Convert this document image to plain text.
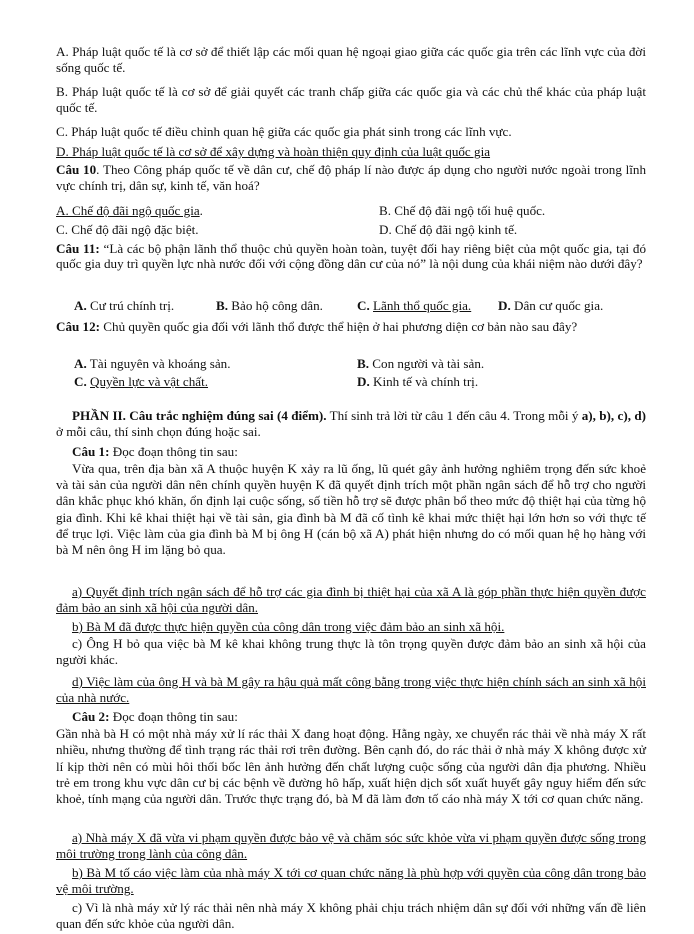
A. Pháp luật quốc tế là cơ sở để thiết lập các mối quan hệ ngoại giao giữa các quốc gia trên các lĩnh vực của đời sống quốc tế.
B. Pháp luật quốc tế là cơ sở để giải quyết các tranh chấp giữa các quốc gia và các chủ thể khác của pháp luật quốc tế.
C. Pháp luật quốc tế điều chỉnh quan hệ giữa các quốc gia phát sinh trong các lĩnh vực.
D. Pháp luật quốc tế là cơ sở để xây dựng và hoàn thiện quy định của luật quốc gia
Câu 10. Theo Công pháp quốc tế về dân cư, chế độ pháp lí nào được áp dụng cho người nước ngoài trong lĩnh vực chính trị, dân sự, kinh tế, văn hoá?
A. Chế độ đãi ngộ quốc gia.	B. Chế độ đãi ngộ tối huệ quốc.
C. Chế độ đãi ngộ đặc biệt.	D. Chế độ đãi ngộ kinh tế.
Câu 11: “Là các bộ phận lãnh thổ thuộc chủ quyền hoàn toàn, tuyệt đối hay riêng biệt của một quốc gia, tại đó quốc gia duy trì quyền lực nhà nước đối với cộng đồng dân cư của nó” là nội dung của khái niệm nào dưới đây?
A. Cư trú chính trị.	B. Bảo hộ công dân.	C. Lãnh thổ quốc gia. D. Dân cư quốc gia.
Câu 12: Chủ quyền quốc gia đối với lãnh thổ được thể hiện ở hai phương diện cơ bản nào sau đây?
A. Tài nguyên và khoáng sản.	B. Con người và tài sản.
C. Quyền lực và vật chất.	D. Kinh tế và chính trị.
PHẦN II. Câu trắc nghiệm đúng sai (4 điểm). Thí sinh trả lời từ câu 1 đến câu 4. Trong mỗi ý a), b), c), d) ở mỗi câu, thí sinh chọn đúng hoặc sai.
Câu 1: Đọc đoạn thông tin sau:
Vừa qua, trên địa bàn xã A thuộc huyện K xảy ra lũ ống, lũ quét gây ảnh hưởng nghiêm trọng đến sức khoẻ và tài sản của người dân nên chính quyền huyện K đã quyết định trích một phần ngân sách để hỗ trợ cho người dân khắc phục khó khăn, ổn định lại cuộc sống, số tiền hỗ trợ sẽ được phân bổ theo mức độ thiệt hại của từng hộ gia đình. Khi kê khai thiệt hại về tài sản, gia đình bà M đã cố tình kê khai mức thiệt hại lớn hơn so với thực tế để trục lợi. Việc làm của gia đình bà M bị ông H (cán bộ xã A) phát hiện nhưng do có mối quan hệ họ hàng với bà M nên ông H im lặng bỏ qua.
a) Quyết định trích ngân sách để hỗ trợ các gia đình bị thiệt hại của xã A là góp phần thực hiện quyền được đảm bảo an sinh xã hội của người dân.
b) Bà M đã được thực hiện quyền của công dân trong việc đảm bảo an sinh xã hội.
c) Ông H bỏ qua việc bà M kê khai không trung thực là tôn trọng quyền được đảm bảo an sinh xã hội của người khác.
d) Việc làm của ông H và bà M gây ra hậu quả mất công bằng trong việc thực hiện chính sách an sinh xã hội của nhà nước.
Câu 2: Đọc đoạn thông tin sau:
Gần nhà bà H có một nhà máy xử lí rác thải X đang hoạt động. Hằng ngày, xe chuyển rác thải về nhà máy X rất nhiều, nhưng thường để tình trạng rác thải rơi trên đường. Bên cạnh đó, do rác thải ở nhà máy X không được xử lí kịp thời nên có mùi hôi thối bốc lên ảnh hưởng đến chất lượng cuộc sống của người dân địa phương. Nhiều trẻ em trong khu vực dân cư bị các bệnh về đường hô hấp, xuất hiện dịch sốt xuất huyết gây nguy hiểm đến sức khoẻ, tính mạng của người dân. Trước thực trạng đó, bà M đã làm đơn tố cáo nhà máy X tới cơ quan chức năng.
a) Nhà máy X đã vừa vi phạm quyền được bảo vệ và chăm sóc sức khỏe vừa vi phạm quyền được sống trong môi trường trong lành của công dân.
b) Bà M tố cáo việc làm của nhà máy X tới cơ quan chức năng là phù hợp với quyền của công dân trong bảo vệ môi trường.
c) Vì là nhà máy xử lý rác thải nên nhà máy X không phải chịu trách nhiệm dân sự đối với những vấn đề liên quan đến sức khỏe của người dân.
